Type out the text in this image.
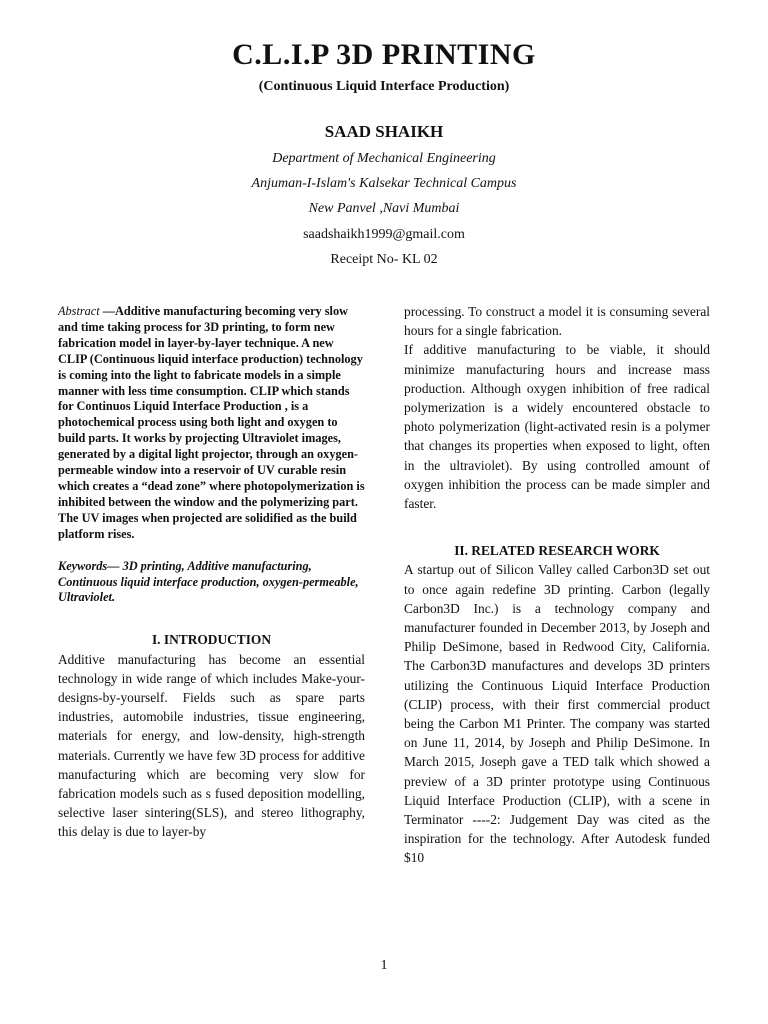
C.L.I.P 3D PRINTING
(Continuous Liquid Interface Production)
SAAD SHAIKH
Department of Mechanical Engineering
Anjuman-I-Islam's Kalsekar Technical Campus
New Panvel ,Navi Mumbai
saadshaikh1999@gmail.com
Receipt No- KL 02

Abstract —Additive manufacturing becoming very slow and time taking process for 3D printing, to form new fabrication model in layer-by-layer technique. A new CLIP (Continuous liquid interface production) technology is coming into the light to fabricate models in a simple manner with less time consumption. CLIP which stands for Continuos Liquid Interface Production , is a photochemical process using both light and oxygen to build parts. It works by projecting Ultraviolet images, generated by a digital light projector, through an oxygen-permeable window into a reservoir of UV curable resin which creates a “dead zone” where photopolymerization is inhibited between the window and the polymerizing part. The UV images when projected are solidified as the build platform rises.

Keywords— 3D printing, Additive manufacturing, Continuous liquid interface production, oxygen-permeable, Ultraviolet.

I. INTRODUCTION

Additive manufacturing has become an essential technology in wide range of which includes Make-your-designs-by-yourself. Fields such as spare parts industries, automobile industries, tissue engineering, materials for energy, and low-density, high-strength materials. Currently we have few 3D process for additive manufacturing which are becoming very slow for fabrication models such as s fused deposition modelling, selective laser sintering(SLS), and stereo lithography, this delay is due to layer-by

processing. To construct a model it is consuming several hours for a single fabrication.

If additive manufacturing to be viable, it should minimize manufacturing hours and increase mass production. Although oxygen inhibition of free radical polymerization is a widely encountered obstacle to photo polymerization (light-activated resin is a polymer that changes its properties when exposed to light, often in the ultraviolet). By using controlled amount of oxygen inhibition the process can be made simpler and faster.

II. RELATED RESEARCH WORK

A startup out of Silicon Valley called Carbon3D set out to once again redefine 3D printing. Carbon (legally Carbon3D Inc.) is a technology company and manufacturer founded in December 2013, by Joseph and Philip DeSimone, based in Redwood City, California. The Carbon3D manufactures and develops 3D printers utilizing the Continuous Liquid Interface Production (CLIP) process, with their first commercial product being the Carbon M1 Printer. The company was started on June 11, 2014, by Joseph and Philip DeSimone. In March 2015, Joseph gave a TED talk which showed a preview of a 3D printer prototype using Continuous Liquid Interface Production (CLIP), with a scene in Terminator ----2: Judgement Day was cited as the inspiration for the technology. After Autodesk funded $10

1
